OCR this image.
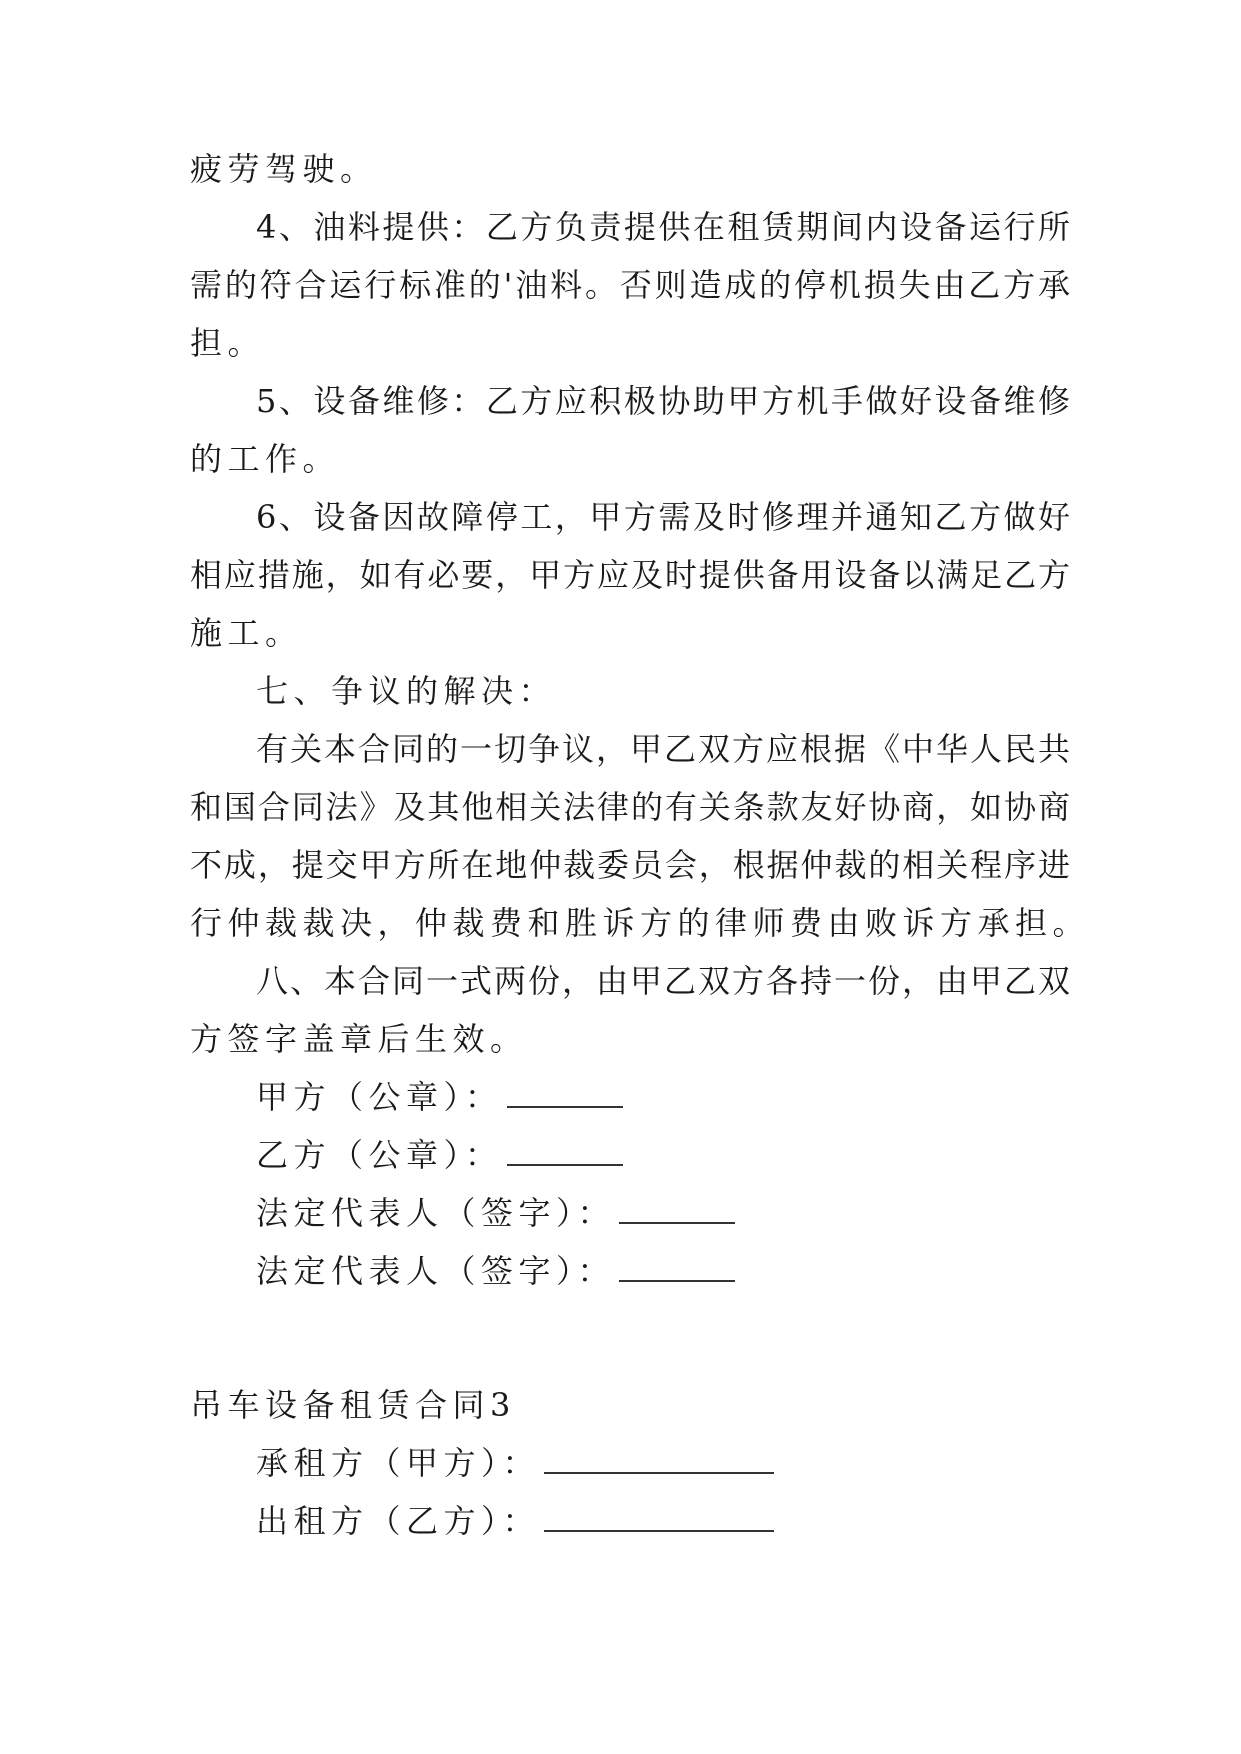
疲劳驾驶。
4、油料提供：乙方负责提供在租赁期间内设备运行所
需的符合运行标准的'油料。否则造成的停机损失由乙方承
担。
5、设备维修：乙方应积极协助甲方机手做好设备维修
的工作。
6、设备因故障停工，甲方需及时修理并通知乙方做好
相应措施，如有必要，甲方应及时提供备用设备以满足乙方
施工。
七、争议的解决：
有关本合同的一切争议，甲乙双方应根据《中华人民共
和国合同法》及其他相关法律的有关条款友好协商，如协商
不成，提交甲方所在地仲裁委员会，根据仲裁的相关程序进
行仲裁裁决，仲裁费和胜诉方的律师费由败诉方承担。
八、本合同一式两份，由甲乙双方各持一份，由甲乙双
方签字盖章后生效。
甲方（公章）：
乙方（公章）：
法定代表人（签字）：
法定代表人（签字）：
吊车设备租赁合同3
承租方（甲方）：
出租方（乙方）：
